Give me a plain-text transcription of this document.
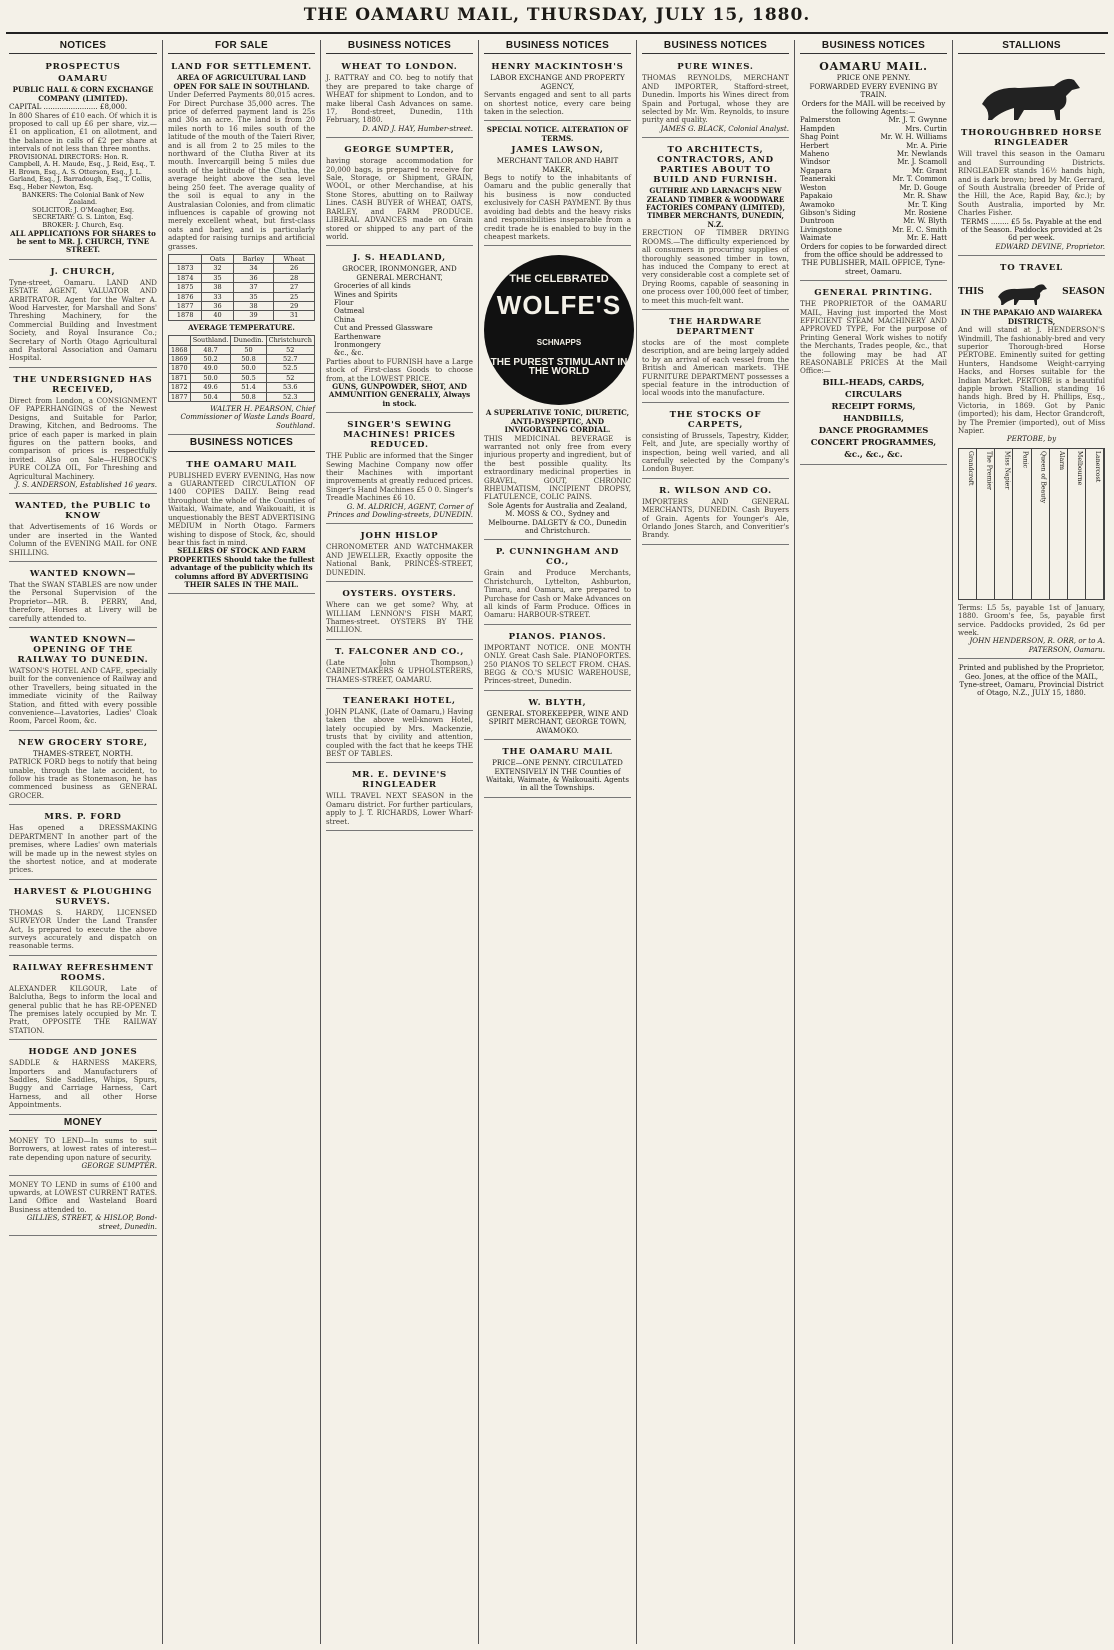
THE OAMARU MAIL, THURSDAY, JULY 15, 1880.
NOTICES
PROSPECTUS
OAMARU
PUBLIC HALL & CORN EXCHANGE COMPANY (LIMITED).
CAPITAL ........................ £8,000.
In 800 Shares of £10 each. Of which it is proposed to call up £6 per share, viz.—£1 on application, £1 on allotment, and the balance in calls of £2 per share at intervals of not less than three months.
PROVISIONAL DIRECTORS: Hon. R. Campbell, A. H. Maude, Esq., J. Reid, Esq., T. H. Brown, Esq., A. S. Otterson, Esq., J. L. Garland, Esq., J. Barradough, Esq., T. Collis, Esq., Heber Newton, Esq.
BANKERS: The Colonial Bank of New Zealand.
SOLICITOR: J. O'Meagher, Esq.
SECRETARY: G. S. Linton, Esq.
BROKER: J. Church, Esq.
ALL APPLICATIONS FOR SHARES to be sent to MR. J. CHURCH, TYNE STREET.
J. CHURCH,
Tyne-street, Oamaru. LAND AND ESTATE AGENT, VALUATOR AND ARBITRATOR. Agent for the Walter A. Wood Harvester, for Marshall and Sons' Threshing Machinery, for the Commercial Building and Investment Society, and Royal Insurance Co.; Secretary of North Otago Agricultural and Pastoral Association and Oamaru Hospital.
THE UNDERSIGNED HAS RECEIVED,
Direct from London, a CONSIGNMENT OF PAPERHANGINGS of the Newest Designs, and Suitable for Parlor, Drawing, Kitchen, and Bedrooms. The price of each paper is marked in plain figures on the pattern books, and comparison of prices is respectfully invited. Also on Sale—HUBBOCK'S PURE COLZA OIL, For Threshing and Agricultural Machinery.
J. S. ANDERSON, Established 16 years.
WANTED, the PUBLIC to KNOW
that Advertisements of 16 Words or under are inserted in the Wanted Column of the EVENING MAIL for ONE SHILLING.
WANTED KNOWN—
That the SWAN STABLES are now under the Personal Supervision of the Proprietor—MR. B. PERRY, And, therefore, Horses at Livery will be carefully attended to.
WANTED KNOWN—OPENING OF THE RAILWAY TO DUNEDIN.
WATSON'S HOTEL AND CAFE, specially built for the convenience of Railway and other Travellers, being situated in the immediate vicinity of the Railway Station, and fitted with every possible convenience—Lavatories, Ladies' Cloak Room, Parcel Room, &c.
NEW GROCERY STORE,
THAMES-STREET, NORTH.
PATRICK FORD begs to notify that being unable, through the late accident, to follow his trade as Stonemason, he has commenced business as GENERAL GROCER.
MRS. P. FORD
Has opened a DRESSMAKING DEPARTMENT In another part of the premises, where Ladies' own materials will be made up in the newest styles on the shortest notice, and at moderate prices.
HARVEST & PLOUGHING SURVEYS.
THOMAS S. HARDY, LICENSED SURVEYOR Under the Land Transfer Act, Is prepared to execute the above surveys accurately and dispatch on reasonable terms.
RAILWAY REFRESHMENT ROOMS.
ALEXANDER KILGOUR, Late of Balclutha, Begs to inform the local and general public that he has RE-OPENED The premises lately occupied by Mr. T. Pratt, OPPOSITE THE RAILWAY STATION.
HODGE AND JONES
SADDLE & HARNESS MAKERS, Importers and Manufacturers of Saddles, Side Saddles, Whips, Spurs, Buggy and Carriage Harness, Cart Harness, and all other Horse Appointments.
MONEY
MONEY TO LEND—In sums to suit Borrowers, at lowest rates of interest—rate depending upon nature of security.
GEORGE SUMPTER.
MONEY TO LEND in sums of £100 and upwards, at LOWEST CURRENT RATES. Land Office and Wasteland Board Business attended to.
GILLIES, STREET, & HISLOP, Bond-street, Dunedin.
FOR SALE
LAND FOR SETTLEMENT.
AREA OF AGRICULTURAL LAND OPEN FOR SALE IN SOUTHLAND.
Under Deferred Payments 80,015 acres. For Direct Purchase 35,000 acres. The price of deferred payment land is 25s and 30s an acre. The land is from 20 miles north to 16 miles south of the latitude of the mouth of the Taieri River, and is all from 2 to 25 miles to the northward of the Clutha River at its mouth. Invercargill being 5 miles due south of the latitude of the Clutha, the average height above the sea level being 250 feet. The average quality of the soil is equal to any in the Australasian Colonies, and from climatic influences is capable of growing not merely excellent wheat, but first-class oats and barley, and is particularly adapted for raising turnips and artificial grasses.
	Oats	Barley	Wheat
1873	32	34	26
1874	35	36	28
1875	38	37	27
1876	33	35	25
1877	36	38	29
1878	40	39	31
AVERAGE TEMPERATURE.
	Southland.	Dunedin.	Christchurch
1868	48.7	50	52
1869	50.2	50.8	52.7
1870	49.0	50.0	52.5
1871	50.0	50.5	52
1872	49.6	51.4	53.6
1877	50.4	50.8	52.3
WALTER H. PEARSON, Chief Commissioner of Waste Lands Board, Southland.
BUSINESS NOTICES
THE OAMARU MAIL
PUBLISHED EVERY EVENING, Has now a GUARANTEED CIRCULATION OF 1400 COPIES DAILY. Being read throughout the whole of the Counties of Waitaki, Waimate, and Waikouaiti, it is unquestionably the BEST ADVERTISING MEDIUM in North Otago. Farmers wishing to dispose of Stock, &c, should bear this fact in mind.
SELLERS OF STOCK AND FARM PROPERTIES Should take the fullest advantage of the publicity which its columns afford BY ADVERTISING THEIR SALES IN THE MAIL.
BUSINESS NOTICES
WHEAT TO LONDON.
J. RATTRAY and CO. beg to notify that they are prepared to take charge of WHEAT for shipment to London, and to make liberal Cash Advances on same. 17, Bond-street, Dunedin, 11th February, 1880.
D. AND J. HAY, Humber-street.
GEORGE SUMPTER,
having storage accommodation for 20,000 bags, is prepared to receive for Sale, Storage, or Shipment, GRAIN, WOOL, or other Merchandise, at his Stone Stores, abutting on to Railway Lines. CASH BUYER of WHEAT, OATS, BARLEY, and FARM PRODUCE. LIBERAL ADVANCES made on Grain stored or shipped to any part of the world.
J. S. HEADLAND,
GROCER, IRONMONGER, AND GENERAL MERCHANT,
Groceries of all kinds
Wines and Spirits
Flour
Oatmeal
China
Cut and Pressed Glassware
Earthenware
Ironmongery
&c., &c.
Parties about to FURNISH have a Large stock of First-class Goods to choose from, at the LOWEST PRICE.
GUNS, GUNPOWDER, SHOT, AND AMMUNITION GENERALLY, Always in stock.
SINGER'S SEWING MACHINES! PRICES REDUCED.
THE Public are informed that the Singer Sewing Machine Company now offer their Machines with important improvements at greatly reduced prices. Singer's Hand Machines £5 0 0. Singer's Treadle Machines £6 10.
G. M. ALDRICH, AGENT, Corner of Princes and Dowling-streets, DUNEDIN.
JOHN HISLOP
CHRONOMETER AND WATCHMAKER AND JEWELLER, Exactly opposite the National Bank, PRINCES-STREET, DUNEDIN.
OYSTERS. OYSTERS.
Where can we get some? Why, at WILLIAM LENNON'S FISH MART, Thames-street. OYSTERS BY THE MILLION.
T. FALCONER AND CO.,
(Late John Thompson,) CABINETMAKERS & UPHOLSTERERS, THAMES-STREET, OAMARU.
TEANERAKI HOTEL,
JOHN PLANK, (Late of Oamaru,) Having taken the above well-known Hotel, lately occupied by Mrs. Mackenzie, trusts that by civility and attention, coupled with the fact that he keeps THE BEST OF TABLES.
MR. E. DEVINE'S RINGLEADER
WILL TRAVEL NEXT SEASON in the Oamaru district. For further particulars, apply to J. T. RICHARDS, Lower Wharf-street.
BUSINESS NOTICES
HENRY MACKINTOSH'S
LABOR EXCHANGE AND PROPERTY AGENCY,
Servants engaged and sent to all parts on shortest notice, every care being taken in the selection.
SPECIAL NOTICE. ALTERATION OF TERMS.
JAMES LAWSON,
MERCHANT TAILOR AND HABIT MAKER,
Begs to notify to the inhabitants of Oamaru and the public generally that his business is now conducted exclusively for CASH PAYMENT. By thus avoiding bad debts and the heavy risks and responsibilities inseparable from a credit trade he is enabled to buy in the cheapest markets.
THE CELEBRATED
WOLFE'S
SCHNAPPS
THE PUREST STIMULANT IN THE WORLD
A SUPERLATIVE TONIC, DIURETIC, ANTI-DYSPEPTIC, AND INVIGORATING CORDIAL.
THIS MEDICINAL BEVERAGE is warranted not only free from every injurious property and ingredient, but of the best possible quality. Its extraordinary medicinal properties in GRAVEL, GOUT, CHRONIC RHEUMATISM, INCIPIENT DROPSY, FLATULENCE, COLIC PAINS.
Sole Agents for Australia and Zealand, M. MOSS & CO., Sydney and Melbourne. DALGETY & CO., Dunedin and Christchurch.
P. CUNNINGHAM AND CO.,
Grain and Produce Merchants, Christchurch, Lyttelton, Ashburton, Timaru, and Oamaru, are prepared to Purchase for Cash or Make Advances on all kinds of Farm Produce. Offices in Oamaru: HARBOUR-STREET.
PIANOS. PIANOS.
IMPORTANT NOTICE. ONE MONTH ONLY. Great Cash Sale. PIANOFORTES. 250 PIANOS TO SELECT FROM. CHAS. BEGG & CO.'S MUSIC WAREHOUSE, Princes-street, Dunedin.
W. BLYTH,
GENERAL STOREKEEPER, WINE AND SPIRIT MERCHANT, GEORGE TOWN, AWAMOKO.
THE OAMARU MAIL
PRICE—ONE PENNY. CIRCULATED EXTENSIVELY IN THE Counties of Waitaki, Waimate, & Waikouaiti. Agents in all the Townships.
BUSINESS NOTICES
PURE WINES.
THOMAS REYNOLDS, MERCHANT AND IMPORTER, Stafford-street, Dunedin. Imports his Wines direct from Spain and Portugal, whose they are selected by Mr. Wm. Reynolds, to insure purity and quality.
JAMES G. BLACK, Colonial Analyst.
TO ARCHITECTS, CONTRACTORS, AND PARTIES ABOUT TO BUILD AND FURNISH.
GUTHRIE AND LARNACH'S NEW ZEALAND TIMBER & WOODWARE FACTORIES COMPANY (LIMITED), TIMBER MERCHANTS, DUNEDIN, N.Z.
ERECTION OF TIMBER DRYING ROOMS.—The difficulty experienced by all consumers in procuring supplies of thoroughly seasoned timber in town, has induced the Company to erect at very considerable cost a complete set of Drying Rooms, capable of seasoning in one process over 100,000 feet of timber, to meet this much-felt want.
THE HARDWARE DEPARTMENT
stocks are of the most complete description, and are being largely added to by an arrival of each vessel from the British and American markets. THE FURNITURE DEPARTMENT possesses a special feature in the introduction of local woods into the manufacture.
THE STOCKS OF CARPETS,
consisting of Brussels, Tapestry, Kidder, Felt, and Jute, are specially worthy of inspection, being well varied, and all carefully selected by the Company's London Buyer.
R. WILSON AND CO.
IMPORTERS AND GENERAL MERCHANTS, DUNEDIN. Cash Buyers of Grain. Agents for Younger's Ale, Orlando Jones Starch, and Converitier's Brandy.
BUSINESS NOTICES
OAMARU MAIL.
PRICE ONE PENNY.
FORWARDED EVERY EVENING BY TRAIN.
Orders for the MAIL will be received by the following Agents:—
Palmerston	Mr. J. T. Gwynne
Hampden	Mrs. Curtin
Shag Point	Mr. W. H. Williams
Herbert	Mr. A. Pirie
Maheno	Mr. Newlands
Windsor	Mr. J. Scamoll
Ngapara	Mr. Grant
Teaneraki	Mr. T. Common
Weston	Mr. D. Gouge
Papakaio	Mr. R. Shaw
Awamoko	Mr. T. King
Gibson's Siding	Mr. Rosiene
Duntroon	Mr. W. Blyth
Livingstone	Mr. E. C. Smith
Waimate	Mr. E. Hatt
Orders for copies to be forwarded direct from the office should be addressed to THE PUBLISHER, MAIL OFFICE, Tyne-street, Oamaru.
GENERAL PRINTING.
THE PROPRIETOR of the OAMARU MAIL, Having just imported the Most EFFICIENT STEAM MACHINERY AND APPROVED TYPE, For the purpose of Printing General Work wishes to notify the Merchants, Trades people, &c., that the following may be had AT REASONABLE PRICES At the Mail Office:—
BILL-HEADS, CARDS, CIRCULARS
RECEIPT FORMS,
HANDBILLS,
DANCE PROGRAMMES
CONCERT PROGRAMMES,
&c., &c., &c.
STALLIONS
THOROUGHBRED HORSE RINGLEADER
Will travel this season in the Oamaru and Surrounding Districts. RINGLEADER stands 16½ hands high, and is dark brown; bred by Mr. Gerrard, of South Australia (breeder of Pride of the Hill, the Ace, Rapid Bay, &c.); by South Australia, imported by Mr. Charles Fisher.
TERMS ........ £5 5s. Payable at the end of the Season. Paddocks provided at 2s 6d per week.
EDWARD DEVINE, Proprietor.
TO TRAVEL
THIS	SEASON
IN THE PAPAKAIO AND WAIAREKA DISTRICTS,
And will stand at J. HENDERSON'S Windmill, The fashionably-bred and very superior Thorough-bred Horse PERTOBE. Eminently suited for getting Hunters, Handsome Weight-carrying Hacks, and Horses suitable for the Indian Market. PERTOBE is a beautiful dapple brown Stallion, standing 16 hands high. Bred by H. Phillips, Esq., Victoria, in 1869. Got by Panic (imported); his dam, Hector Grandcroft, by The Premier (imported), out of Miss Napier.
PERTOBE, by
Grandcroft	The Premier	Miss Napier	Panic	Queen of Beauty	Alarm	Melbourne	Lanercost
Terms: L5 5s, payable 1st of January, 1880. Groom's fee, 5s, payable first service. Paddocks provided, 2s 6d per week.
JOHN HENDERSON, R. ORR, or to A. PATERSON, Oamaru.
Printed and published by the Proprietor, Geo. Jones, at the office of the MAIL, Tyne-street, Oamaru, Provincial District of Otago, N.Z., JULY 15, 1880.
